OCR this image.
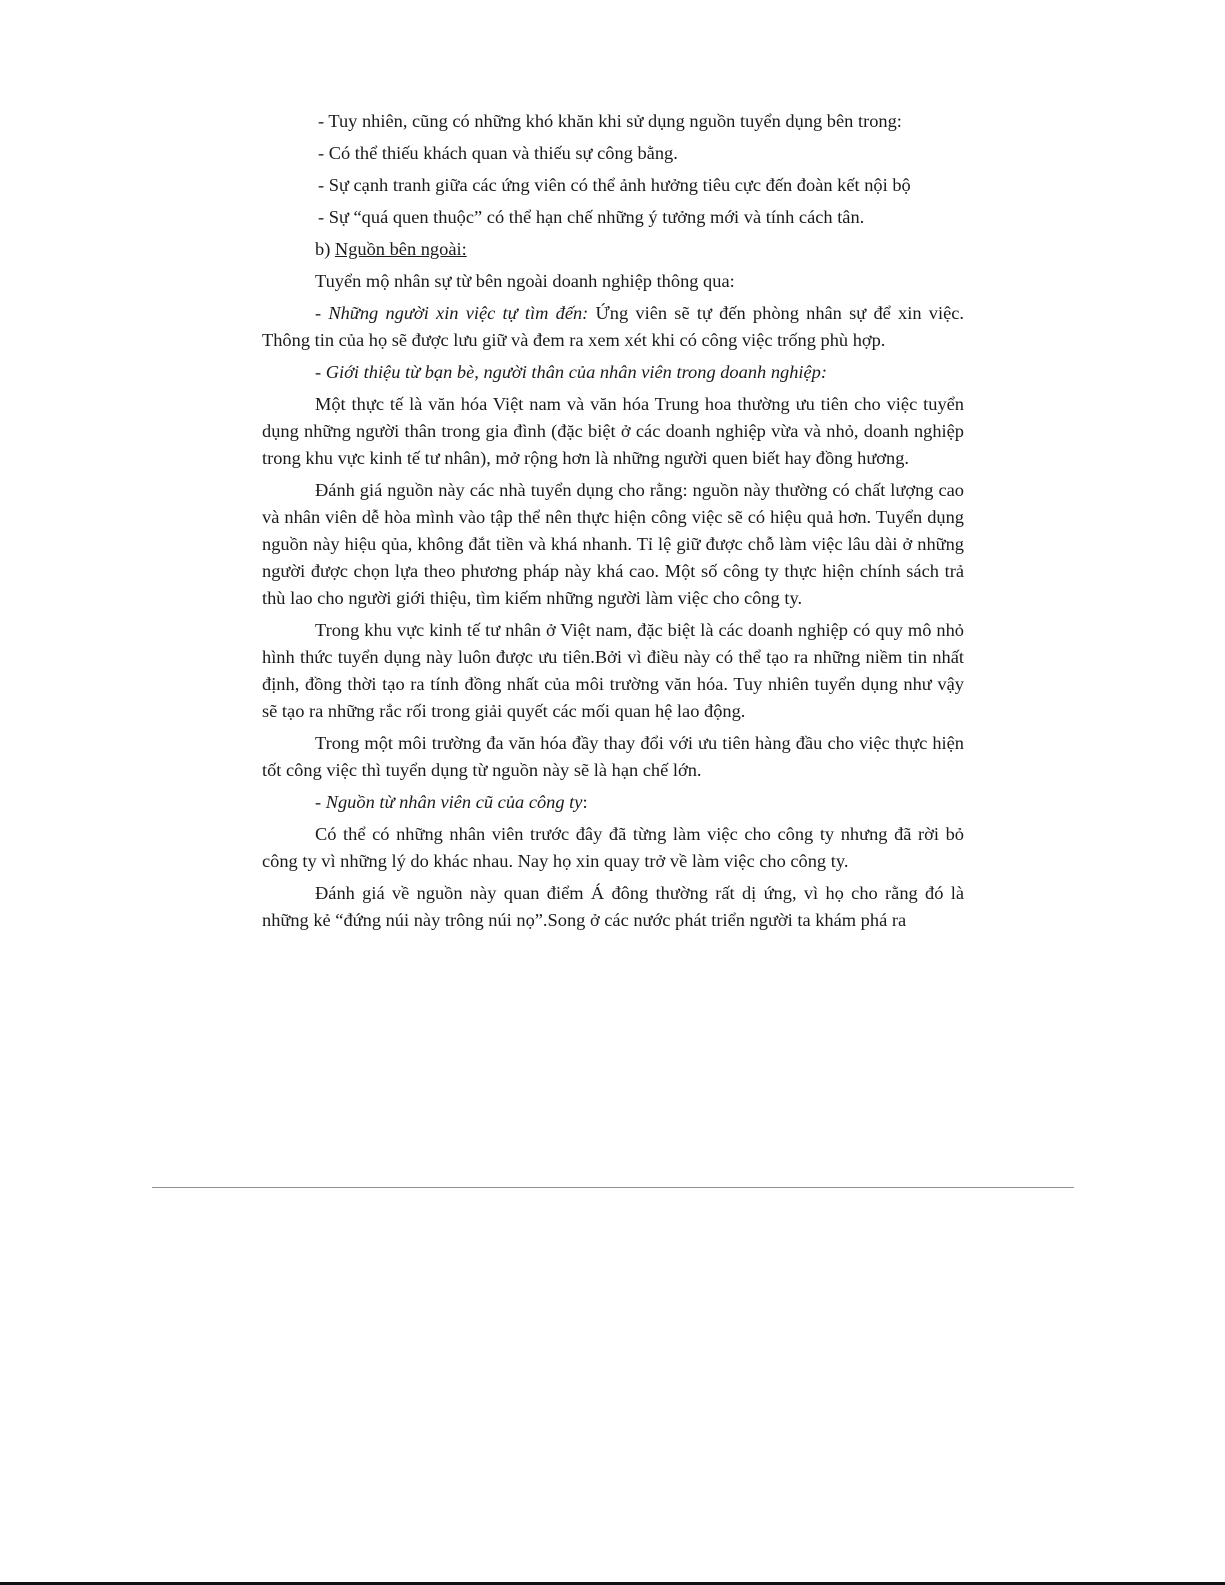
- Tuy nhiên, cũng có những khó khăn khi sử dụng nguồn tuyển dụng bên trong:

- Có thể thiếu khách quan và thiếu sự công bằng.

- Sự cạnh tranh giữa các ứng viên có thể ảnh hưởng tiêu cực đến đoàn kết nội bộ

- Sự “quá quen thuộc” có thể hạn chế những ý tưởng mới và tính cách tân.

b) Nguồn bên ngoài:

Tuyển mộ nhân sự từ bên ngoài doanh nghiệp thông qua:

- Những người xin việc tự tìm đến: Ứng viên sẽ tự đến phòng nhân sự để xin việc. Thông tin của họ sẽ được lưu giữ và đem ra xem xét khi có công việc trống phù hợp.

- Giới thiệu từ bạn bè, người thân của nhân viên trong doanh nghiệp:

Một thực tế là văn hóa Việt nam và văn hóa Trung hoa thường ưu tiên cho việc tuyển dụng những người thân trong gia đình (đặc biệt ở các doanh nghiệp vừa và nhỏ, doanh nghiệp trong khu vực kinh tế tư nhân), mở rộng hơn là những người quen biết hay đồng hương.

Đánh giá nguồn này các nhà tuyển dụng cho rằng: nguồn này thường có chất lượng cao và nhân viên dễ hòa mình vào tập thể nên thực hiện công việc sẽ có hiệu quả hơn. Tuyển dụng nguồn này hiệu qủa, không đắt tiền và khá nhanh. Tỉ lệ giữ được chỗ làm việc lâu dài ở những người được chọn lựa theo phương pháp này khá cao. Một số công ty thực hiện chính sách trả thù lao cho người giới thiệu, tìm kiếm những người làm việc cho công ty.

Trong khu vực kinh tế tư nhân ở Việt nam, đặc biệt là các doanh nghiệp có quy mô nhỏ hình thức tuyển dụng này luôn được ưu tiên.Bởi vì điều này có thể tạo ra những niềm tin nhất định, đồng thời tạo ra tính đồng nhất của môi trường văn hóa. Tuy nhiên tuyển dụng như vậy sẽ tạo ra những rắc rối trong giải quyết các mối quan hệ lao động.

Trong một môi trường đa văn hóa đầy thay đổi với ưu tiên hàng đầu cho việc thực hiện tốt công việc thì tuyển dụng từ nguồn này sẽ là hạn chế lớn.

- Nguồn từ nhân viên cũ của công ty:

Có thể có những nhân viên trước đây đã từng làm việc cho công ty nhưng đã rời bỏ công ty vì những lý do khác nhau. Nay họ xin quay trở về làm việc cho công ty.

Đánh giá về nguồn này quan điểm Á đông thường rất dị ứng, vì họ cho rằng đó là những kẻ “đứng núi này trông núi nọ”.Song ở các nước phát triển người ta khám phá ra
